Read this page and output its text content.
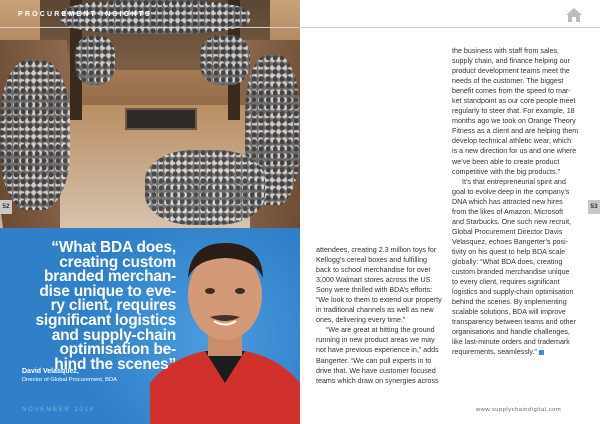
PROCUREMENT INSIGHTS
52	53
“What BDA does,
creating custom
branded merchan-
dise unique to eve-
ry client, requires
significant logistics
and supply-chain
optimisation be-
hind the scenes”
David Velasquez,
Director of Global Procurement, BDA
NOVEMBER 2018

attendees, creating 2.3 million toys for

Kellogg’s cereal boxes and fulfilling

back to school merchandise for over

3,000 Walmart stores across the US.

Sony were thrilled with BDA’s efforts:

“We look to them to extend our property

in traditional channels as well as new

ones, delivering every time.”

“We are great at hitting the ground

running in new product areas we may

not have previous experience in,” adds

Bangerter. “We can pull experts in to

drive that. We have customer focused

teams which draw on synergies across

the business with staff from sales,

supply chain, and finance helping our

product development teams meet the

needs of the customer. The biggest

benefit comes from the speed to mar-

ket standpoint as our core people meet

regularly to steer that. For example, 18

months ago we took on Orange Theory

Fitness as a client and are helping them

develop technical athletic wear, which

is a new direction for us and one where

we’ve been able to create product

competitive with the big products.”

It’s that entrepreneurial spirit and

goal to evolve deep in the company’s

DNA which has attracted new hires

from the likes of Amazon, Microsoft

and Starbucks. One such new recruit,

Global Procurement Director Davis

Velasquez, echoes Bangerter’s posi-

tivity on his quest to help BDA scale

globally: “What BDA does, creating

custom branded merchandise unique

to every client, requires significant

logistics and supply-chain optimisation

behind the scenes. By implementing

scalable solutions, BDA will improve

transparency between teams and other

organisations and handle challenges,

like last-minute orders and trademark

requirements, seamlessly.”

www.supplychaindigital.com
